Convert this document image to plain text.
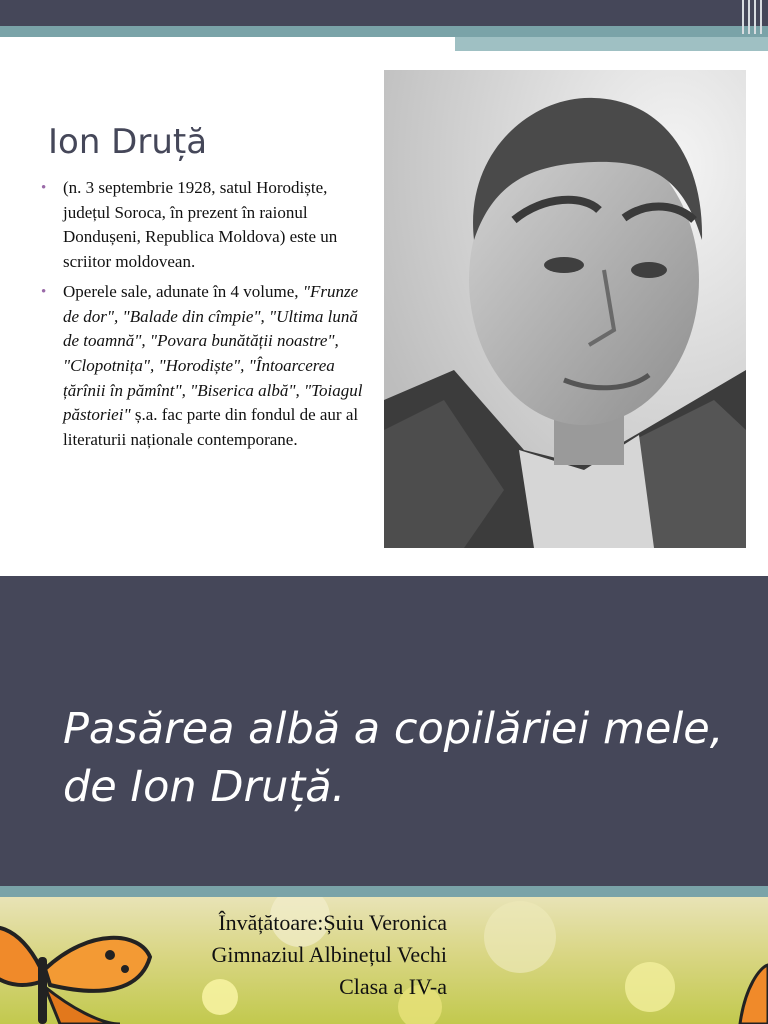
Ion Druță
• (n. 3 septembrie 1928, satul Horodiște, județul Soroca, în prezent în raionul Dondușeni, Republica Moldova) este un scriitor moldovean.
• Operele sale, adunate în 4 volume, "Frunze de dor", "Balade din cîmpie", "Ultima lună de toamnă", "Povara bunătății noastre", "Clopotnița", "Horodiște", "Întoarcerea țărînii în pămînt", "Biserica albă", "Toiagul păstoriei" ș.a. fac parte din fondul de aur al literaturii naționale contemporane.
Pasărea albă a copilăriei mele, de Ion Druță.
Învățătoare:Șuiu Veronica
Gimnaziul Albinețul Vechi
Clasa a IV-a
